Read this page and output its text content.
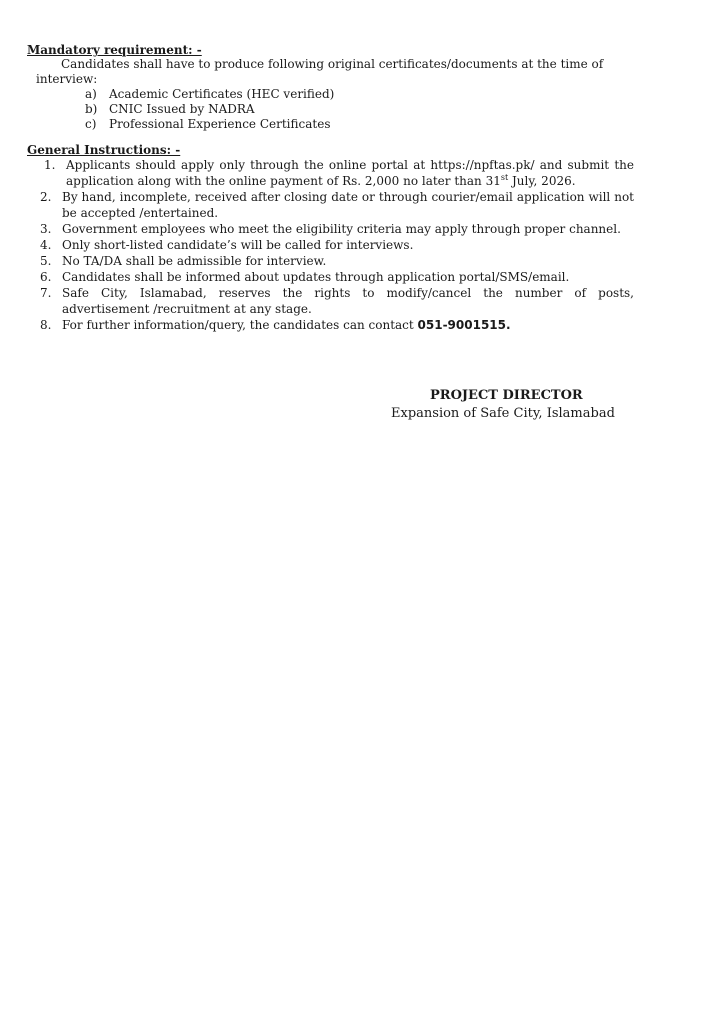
Mandatory requirement: -
Candidates shall have to produce following original certificates/documents at the time of interview:
a) Academic Certificates (HEC verified)
b) CNIC Issued by NADRA
c) Professional Experience Certificates
General Instructions: -
1. Applicants should apply only through the online portal at https://npftas.pk/ and submit the application along with the online payment of Rs. 2,000 no later than 31st July, 2026.
2. By hand, incomplete, received after closing date or through courier/email application will not be accepted /entertained.
3. Government employees who meet the eligibility criteria may apply through proper channel.
4. Only short-listed candidate’s will be called for interviews.
5. No TA/DA shall be admissible for interview.
6. Candidates shall be informed about updates through application portal/SMS/email.
7. Safe City, Islamabad, reserves the rights to modify/cancel the number of posts, advertisement /recruitment at any stage.
8. For further information/query, the candidates can contact 051-9001515.
PROJECT DIRECTOR
Expansion of Safe City, Islamabad
